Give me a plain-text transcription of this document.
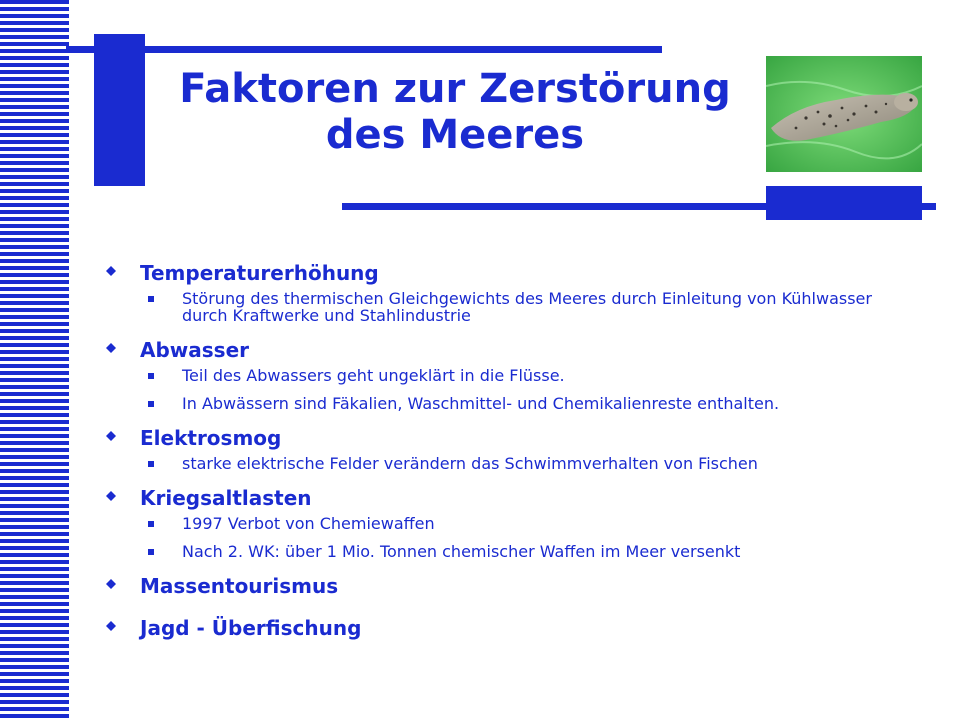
Faktoren zur Zerstörung
des Meeres
Temperaturerhöhung
Störung des thermischen Gleichgewichts des Meeres durch Einleitung von Kühlwasser durch Kraftwerke und Stahlindustrie
Abwasser
Teil des Abwassers geht ungeklärt in die Flüsse.
In Abwässern sind Fäkalien, Waschmittel- und Chemikalienreste enthalten.
Elektrosmog
starke elektrische Felder verändern das Schwimmverhalten von Fischen
Kriegsaltlasten
1997 Verbot von Chemiewaffen
Nach 2. WK: über 1 Mio. Tonnen chemischer Waffen im Meer versenkt
Massentourismus
Jagd - Überfischung
